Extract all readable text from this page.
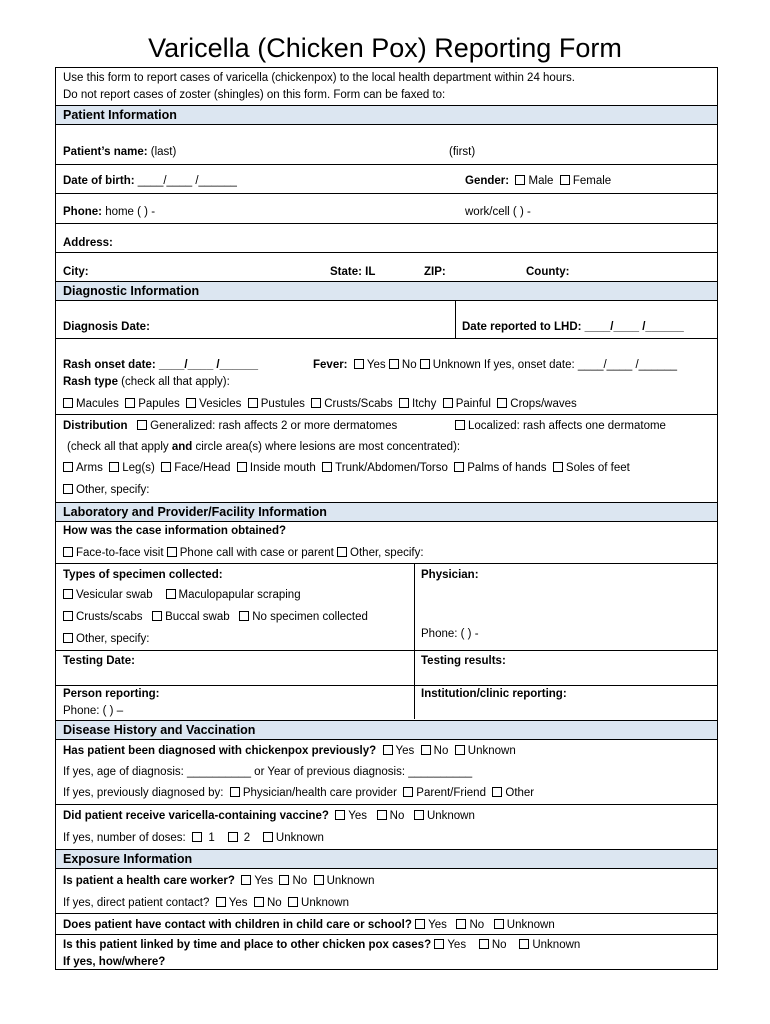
Varicella (Chicken Pox) Reporting Form
Use this form to report cases of varicella (chickenpox) to the local health department within 24 hours.
Do not report cases of zoster (shingles) on this form. Form can be faxed to:
Patient Information
Patient’s name: (last)	(first)
Date of birth: ____/____ /______	Gender: Male Female
Phone: home ( ) -	work/cell ( ) -
Address:
City:	State: IL	ZIP:	County:
Diagnostic Information
Diagnosis Date:	Date reported to LHD: ____/____ /______
Rash onset date: ____/____ /______	Fever: Yes No Unknown If yes, onset date: ____/____ /______
Rash type (check all that apply):
Macules Papules Vesicles Pustules Crusts/Scabs Itchy Painful Crops/waves
Distribution Generalized: rash affects 2 or more dermatomes	Localized: rash affects one dermatome
(check all that apply and circle area(s) where lesions are most concentrated):
Arms Leg(s) Face/Head Inside mouth Trunk/Abdomen/Torso Palms of hands Soles of feet
Other, specify:
Laboratory and Provider/Facility Information
How was the case information obtained?
Face-to-face visit Phone call with case or parent Other, specify:
Types of specimen collected:
Vesicular swab Maculopapular scraping
Crusts/scabs Buccal swab No specimen collected
Other, specify:
Physician:
Phone: ( ) -
Testing Date:	Testing results:
Person reporting:
Phone: ( ) –
Institution/clinic reporting:
Disease History and Vaccination
Has patient been diagnosed with chickenpox previously? Yes No Unknown
If yes, age of diagnosis: __________ or Year of previous diagnosis: __________
If yes, previously diagnosed by: Physician/health care provider Parent/Friend Other
Did patient receive varicella-containing vaccine? Yes No Unknown
If yes, number of doses: 1	2 Unknown
Exposure Information
Is patient a health care worker? Yes No Unknown
If yes, direct patient contact? Yes No Unknown
Does patient have contact with children in child care or school? Yes No Unknown
Is this patient linked by time and place to other chicken pox cases? Yes No Unknown
If yes, how/where?
